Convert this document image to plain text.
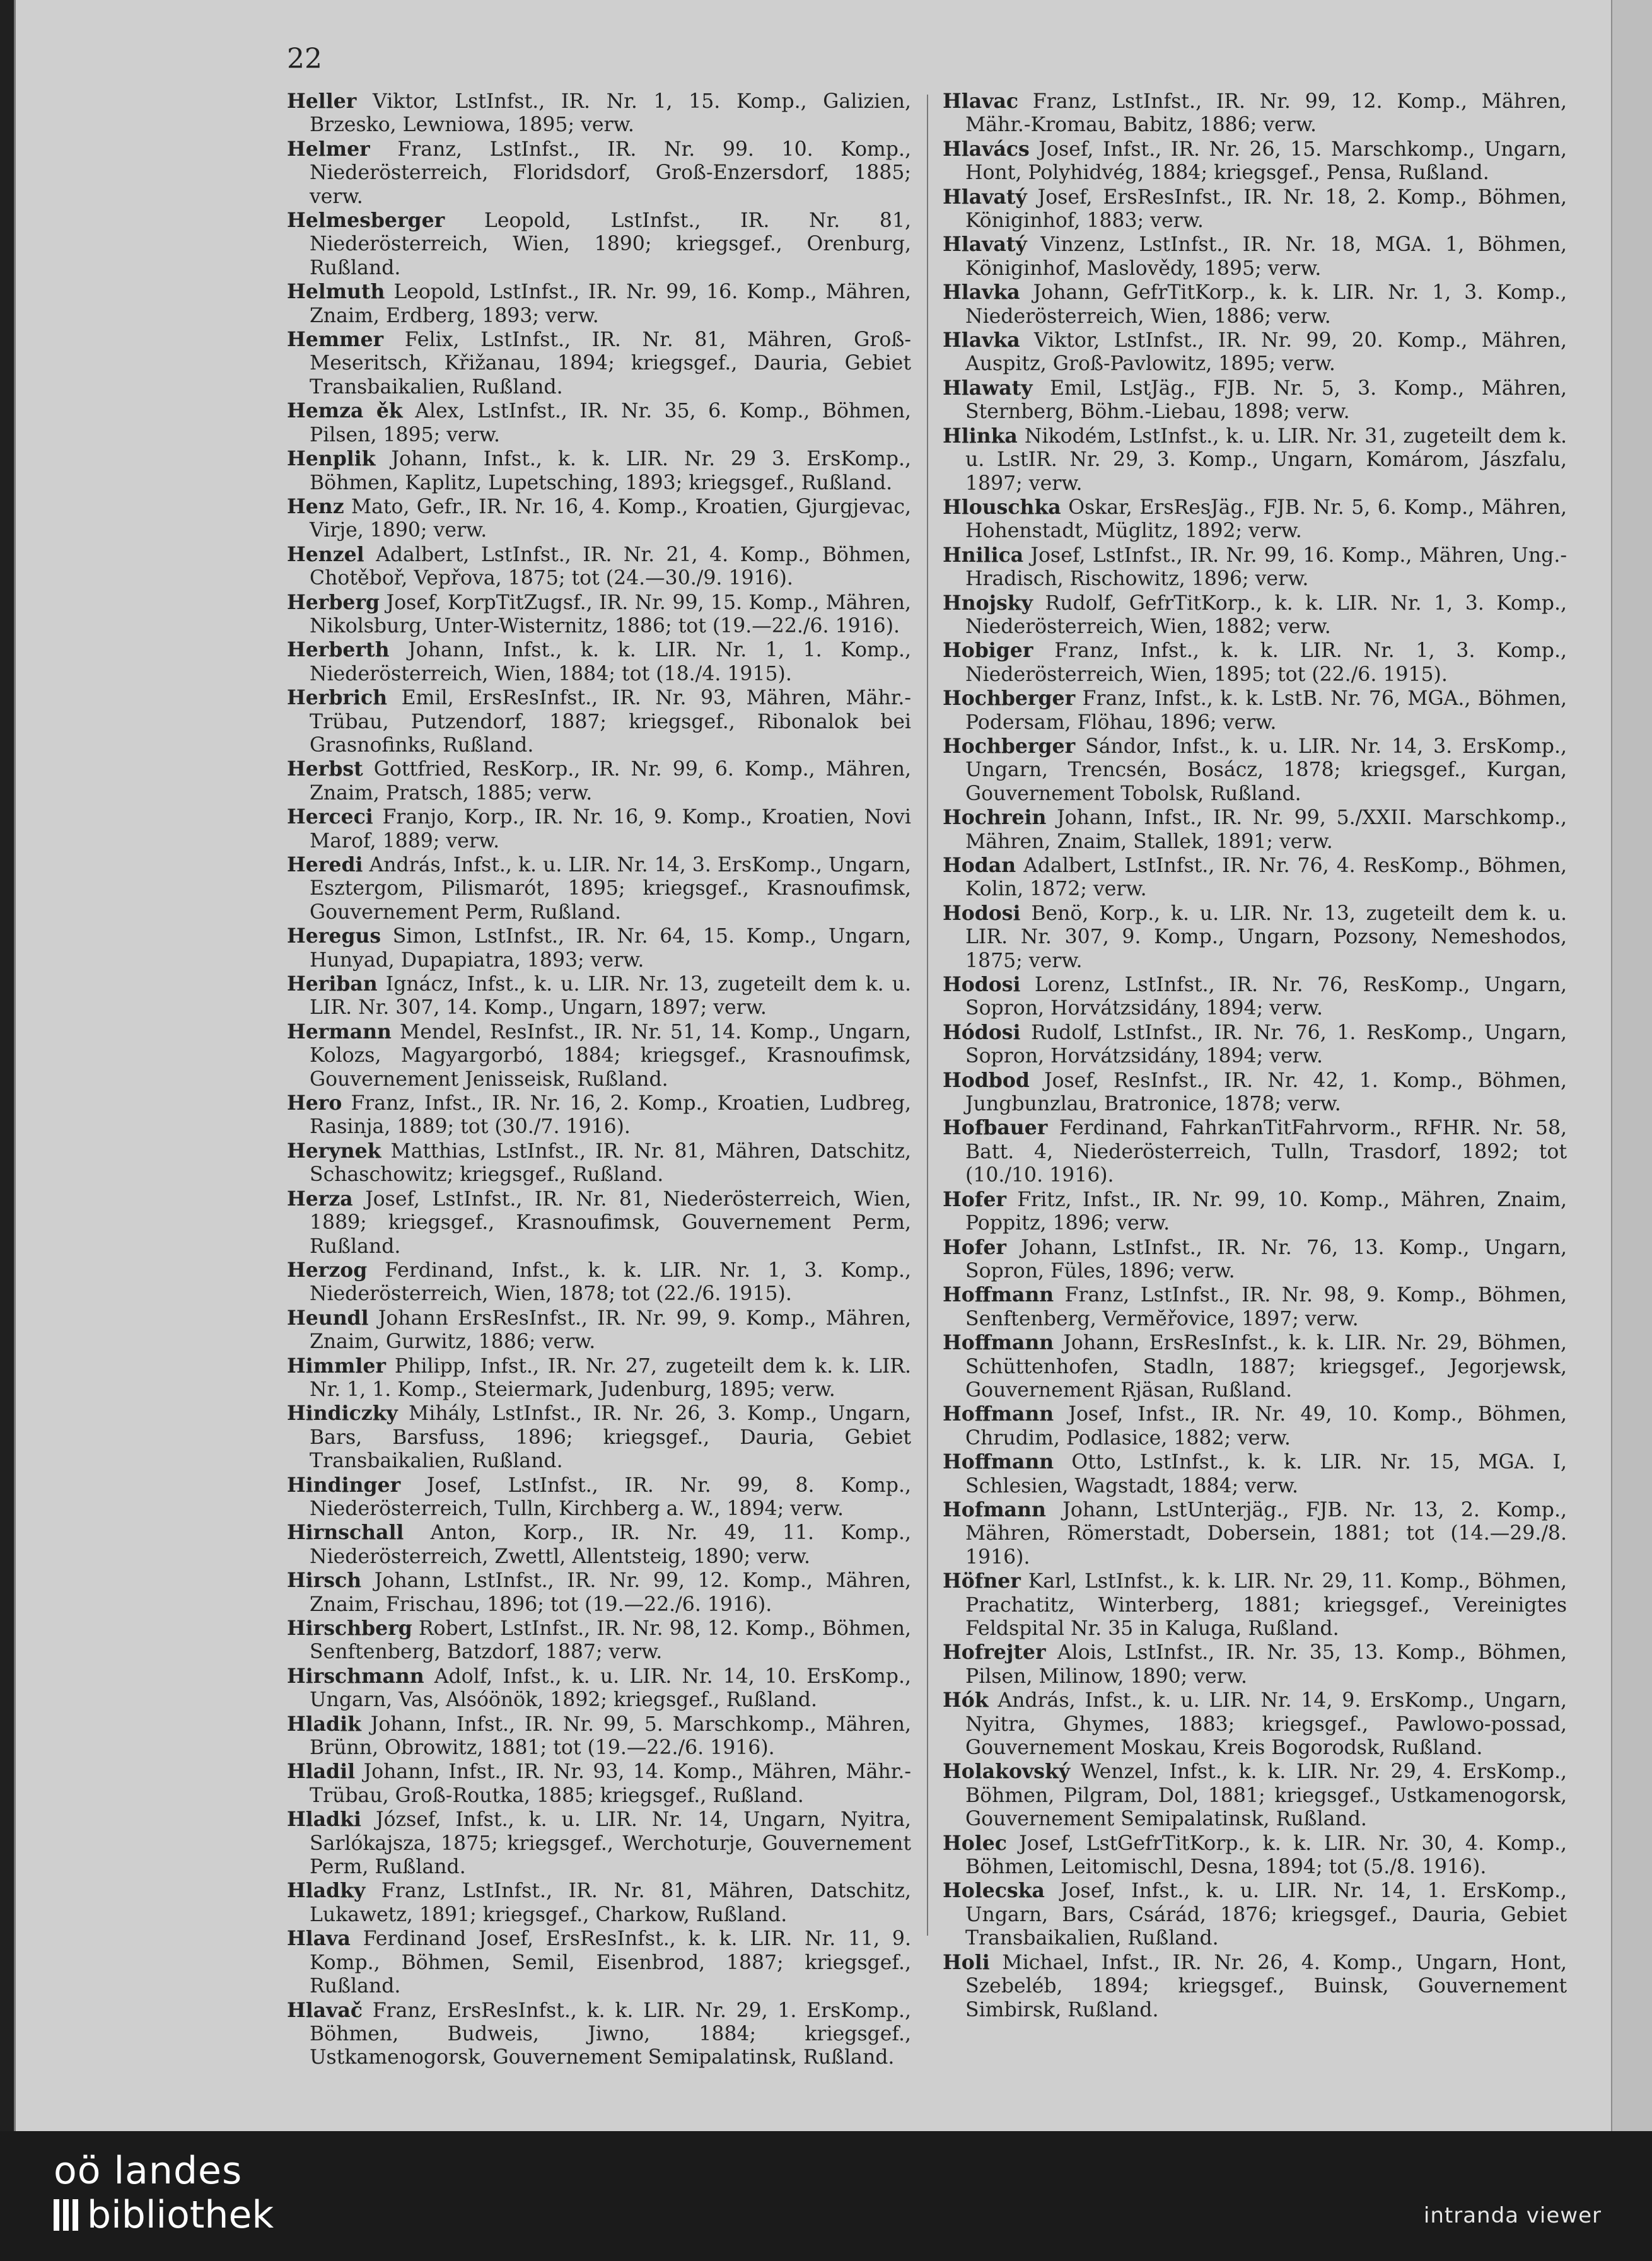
22

Heller Viktor, LstInfst., IR. Nr. 1, 15. Komp., Galizien, Brzesko, Lewniowa, 1895; verw.

Helmer Franz, LstInfst., IR. Nr. 99. 10. Komp., Niederösterreich, Floridsdorf, Groß-Enzersdorf, 1885; verw.

Helmesberger Leopold, LstInfst., IR. Nr. 81, Niederösterreich, Wien, 1890; kriegsgef., Orenburg, Rußland.

Helmuth Leopold, LstInfst., IR. Nr. 99, 16. Komp., Mähren, Znaim, Erdberg, 1893; verw.

Hemmer Felix, LstInfst., IR. Nr. 81, Mähren, Groß-Meseritsch, Křižanau, 1894; kriegsgef., Dauria, Gebiet Transbaikalien, Rußland.

Hemza ěk Alex, LstInfst., IR. Nr. 35, 6. Komp., Böhmen, Pilsen, 1895; verw.

Henplik Johann, Infst., k. k. LIR. Nr. 29 3. ErsKomp., Böhmen, Kaplitz, Lupetsching, 1893; kriegsgef., Rußland.

Henz Mato, Gefr., IR. Nr. 16, 4. Komp., Kroatien, Gjurgjevac, Virje, 1890; verw.

Henzel Adalbert, LstInfst., IR. Nr. 21, 4. Komp., Böhmen, Chotěboř, Vepřova, 1875; tot (24.—30./9. 1916).

Herberg Josef, KorpTitZugsf., IR. Nr. 99, 15. Komp., Mähren, Nikolsburg, Unter-Wisternitz, 1886; tot (19.—22./6. 1916).

Herberth Johann, Infst., k. k. LIR. Nr. 1, 1. Komp., Niederösterreich, Wien, 1884; tot (18./4. 1915).

Herbrich Emil, ErsResInfst., IR. Nr. 93, Mähren, Mähr.-Trübau, Putzendorf, 1887; kriegsgef., Ribonalok bei Grasnofinks, Rußland.

Herbst Gottfried, ResKorp., IR. Nr. 99, 6. Komp., Mähren, Znaim, Pratsch, 1885; verw.

Herceci Franjo, Korp., IR. Nr. 16, 9. Komp., Kroatien, Novi Marof, 1889; verw.

Heredi András, Infst., k. u. LIR. Nr. 14, 3. ErsKomp., Ungarn, Esztergom, Pilismarót, 1895; kriegsgef., Krasnoufimsk, Gouvernement Perm, Rußland.

Heregus Simon, LstInfst., IR. Nr. 64, 15. Komp., Ungarn, Hunyad, Dupapiatra, 1893; verw.

Heriban Ignácz, Infst., k. u. LIR. Nr. 13, zugeteilt dem k. u. LIR. Nr. 307, 14. Komp., Ungarn, 1897; verw.

Hermann Mendel, ResInfst., IR. Nr. 51, 14. Komp., Ungarn, Kolozs, Magyargorbó, 1884; kriegsgef., Krasnoufimsk, Gouvernement Jenisseisk, Rußland.

Hero Franz, Infst., IR. Nr. 16, 2. Komp., Kroatien, Ludbreg, Rasinja, 1889; tot (30./7. 1916).

Herynek Matthias, LstInfst., IR. Nr. 81, Mähren, Datschitz, Schaschowitz; kriegsgef., Rußland.

Herza Josef, LstInfst., IR. Nr. 81, Niederösterreich, Wien, 1889; kriegsgef., Krasnoufimsk, Gouvernement Perm, Rußland.

Herzog Ferdinand, Infst., k. k. LIR. Nr. 1, 3. Komp., Niederösterreich, Wien, 1878; tot (22./6. 1915).

Heundl Johann ErsResInfst., IR. Nr. 99, 9. Komp., Mähren, Znaim, Gurwitz, 1886; verw.

Himmler Philipp, Infst., IR. Nr. 27, zugeteilt dem k. k. LIR. Nr. 1, 1. Komp., Steiermark, Judenburg, 1895; verw.

Hindiczky Mihály, LstInfst., IR. Nr. 26, 3. Komp., Ungarn, Bars, Barsfuss, 1896; kriegsgef., Dauria, Gebiet Transbaikalien, Rußland.

Hindinger Josef, LstInfst., IR. Nr. 99, 8. Komp., Niederösterreich, Tulln, Kirchberg a. W., 1894; verw.

Hirnschall Anton, Korp., IR. Nr. 49, 11. Komp., Niederösterreich, Zwettl, Allentsteig, 1890; verw.

Hirsch Johann, LstInfst., IR. Nr. 99, 12. Komp., Mähren, Znaim, Frischau, 1896; tot (19.—22./6. 1916).

Hirschberg Robert, LstInfst., IR. Nr. 98, 12. Komp., Böhmen, Senftenberg, Batzdorf, 1887; verw.

Hirschmann Adolf, Infst., k. u. LIR. Nr. 14, 10. ErsKomp., Ungarn, Vas, Alsóönök, 1892; kriegsgef., Rußland.

Hladik Johann, Infst., IR. Nr. 99, 5. Marschkomp., Mähren, Brünn, Obrowitz, 1881; tot (19.—22./6. 1916).

Hladil Johann, Infst., IR. Nr. 93, 14. Komp., Mähren, Mähr.-Trübau, Groß-Routka, 1885; kriegsgef., Rußland.

Hladki József, Infst., k. u. LIR. Nr. 14, Ungarn, Nyitra, Sarlókajsza, 1875; kriegsgef., Werchoturje, Gouvernement Perm, Rußland.

Hladky Franz, LstInfst., IR. Nr. 81, Mähren, Datschitz, Lukawetz, 1891; kriegsgef., Charkow, Rußland.

Hlava Ferdinand Josef, ErsResInfst., k. k. LIR. Nr. 11, 9. Komp., Böhmen, Semil, Eisenbrod, 1887; kriegsgef., Rußland.

Hlavač Franz, ErsResInfst., k. k. LIR. Nr. 29, 1. ErsKomp., Böhmen, Budweis, Jiwno, 1884; kriegsgef., Ustkamenogorsk, Gouvernement Semipalatinsk, Rußland.

Hlavac Franz, LstInfst., IR. Nr. 99, 12. Komp., Mähren, Mähr.-Kromau, Babitz, 1886; verw.

Hlavács Josef, Infst., IR. Nr. 26, 15. Marschkomp., Ungarn, Hont, Polyhidvég, 1884; kriegsgef., Pensa, Rußland.

Hlavatý Josef, ErsResInfst., IR. Nr. 18, 2. Komp., Böhmen, Königinhof, 1883; verw.

Hlavatý Vinzenz, LstInfst., IR. Nr. 18, MGA. 1, Böhmen, Königinhof, Maslovědy, 1895; verw.

Hlavka Johann, GefrTitKorp., k. k. LIR. Nr. 1, 3. Komp., Niederösterreich, Wien, 1886; verw.

Hlavka Viktor, LstInfst., IR. Nr. 99, 20. Komp., Mähren, Auspitz, Groß-Pavlowitz, 1895; verw.

Hlawaty Emil, LstJäg., FJB. Nr. 5, 3. Komp., Mähren, Sternberg, Böhm.-Liebau, 1898; verw.

Hlinka Nikodém, LstInfst., k. u. LIR. Nr. 31, zugeteilt dem k. u. LstIR. Nr. 29, 3. Komp., Ungarn, Komárom, Jászfalu, 1897; verw.

Hlouschka Oskar, ErsResJäg., FJB. Nr. 5, 6. Komp., Mähren, Hohenstadt, Müglitz, 1892; verw.

Hnilica Josef, LstInfst., IR. Nr. 99, 16. Komp., Mähren, Ung.-Hradisch, Rischowitz, 1896; verw.

Hnojsky Rudolf, GefrTitKorp., k. k. LIR. Nr. 1, 3. Komp., Niederösterreich, Wien, 1882; verw.

Hobiger Franz, Infst., k. k. LIR. Nr. 1, 3. Komp., Niederösterreich, Wien, 1895; tot (22./6. 1915).

Hochberger Franz, Infst., k. k. LstB. Nr. 76, MGA., Böhmen, Podersam, Flöhau, 1896; verw.

Hochberger Sándor, Infst., k. u. LIR. Nr. 14, 3. ErsKomp., Ungarn, Trencsén, Bosácz, 1878; kriegsgef., Kurgan, Gouvernement Tobolsk, Rußland.

Hochrein Johann, Infst., IR. Nr. 99, 5./XXII. Marschkomp., Mähren, Znaim, Stallek, 1891; verw.

Hodan Adalbert, LstInfst., IR. Nr. 76, 4. ResKomp., Böhmen, Kolin, 1872; verw.

Hodosi Benö, Korp., k. u. LIR. Nr. 13, zugeteilt dem k. u. LIR. Nr. 307, 9. Komp., Ungarn, Pozsony, Nemeshodos, 1875; verw.

Hodosi Lorenz, LstInfst., IR. Nr. 76, ResKomp., Ungarn, Sopron, Horvátzsidány, 1894; verw.

Hódosi Rudolf, LstInfst., IR. Nr. 76, 1. ResKomp., Ungarn, Sopron, Horvátzsidány, 1894; verw.

Hodbod Josef, ResInfst., IR. Nr. 42, 1. Komp., Böhmen, Jungbunzlau, Bratronice, 1878; verw.

Hofbauer Ferdinand, FahrkanTitFahrvorm., RFHR. Nr. 58, Batt. 4, Niederösterreich, Tulln, Trasdorf, 1892; tot (10./10. 1916).

Hofer Fritz, Infst., IR. Nr. 99, 10. Komp., Mähren, Znaim, Poppitz, 1896; verw.

Hofer Johann, LstInfst., IR. Nr. 76, 13. Komp., Ungarn, Sopron, Füles, 1896; verw.

Hoffmann Franz, LstInfst., IR. Nr. 98, 9. Komp., Böhmen, Senftenberg, Vermĕřovice, 1897; verw.

Hoffmann Johann, ErsResInfst., k. k. LIR. Nr. 29, Böhmen, Schüttenhofen, Stadln, 1887; kriegsgef., Jegorjewsk, Gouvernement Rjäsan, Rußland.

Hoffmann Josef, Infst., IR. Nr. 49, 10. Komp., Böhmen, Chrudim, Podlasice, 1882; verw.

Hoffmann Otto, LstInfst., k. k. LIR. Nr. 15, MGA. I, Schlesien, Wagstadt, 1884; verw.

Hofmann Johann, LstUnterjäg., FJB. Nr. 13, 2. Komp., Mähren, Römerstadt, Dobersein, 1881; tot (14.—29./8. 1916).

Höfner Karl, LstInfst., k. k. LIR. Nr. 29, 11. Komp., Böhmen, Prachatitz, Winterberg, 1881; kriegsgef., Vereinigtes Feldspital Nr. 35 in Kaluga, Rußland.

Hofrejter Alois, LstInfst., IR. Nr. 35, 13. Komp., Böhmen, Pilsen, Milinow, 1890; verw.

Hók András, Infst., k. u. LIR. Nr. 14, 9. ErsKomp., Ungarn, Nyitra, Ghymes, 1883; kriegsgef., Pawlowo-possad, Gouvernement Moskau, Kreis Bogorodsk, Rußland.

Holakovský Wenzel, Infst., k. k. LIR. Nr. 29, 4. ErsKomp., Böhmen, Pilgram, Dol, 1881; kriegsgef., Ustkamenogorsk, Gouvernement Semipalatinsk, Rußland.

Holec Josef, LstGefrTitKorp., k. k. LIR. Nr. 30, 4. Komp., Böhmen, Leitomischl, Desna, 1894; tot (5./8. 1916).

Holecska Josef, Infst., k. u. LIR. Nr. 14, 1. ErsKomp., Ungarn, Bars, Csárád, 1876; kriegsgef., Dauria, Gebiet Transbaikalien, Rußland.

Holi Michael, Infst., IR. Nr. 26, 4. Komp., Ungarn, Hont, Szebeléb, 1894; kriegsgef., Buinsk, Gouvernement Simbirsk, Rußland.

oö landes
bibliothek	intranda viewer
